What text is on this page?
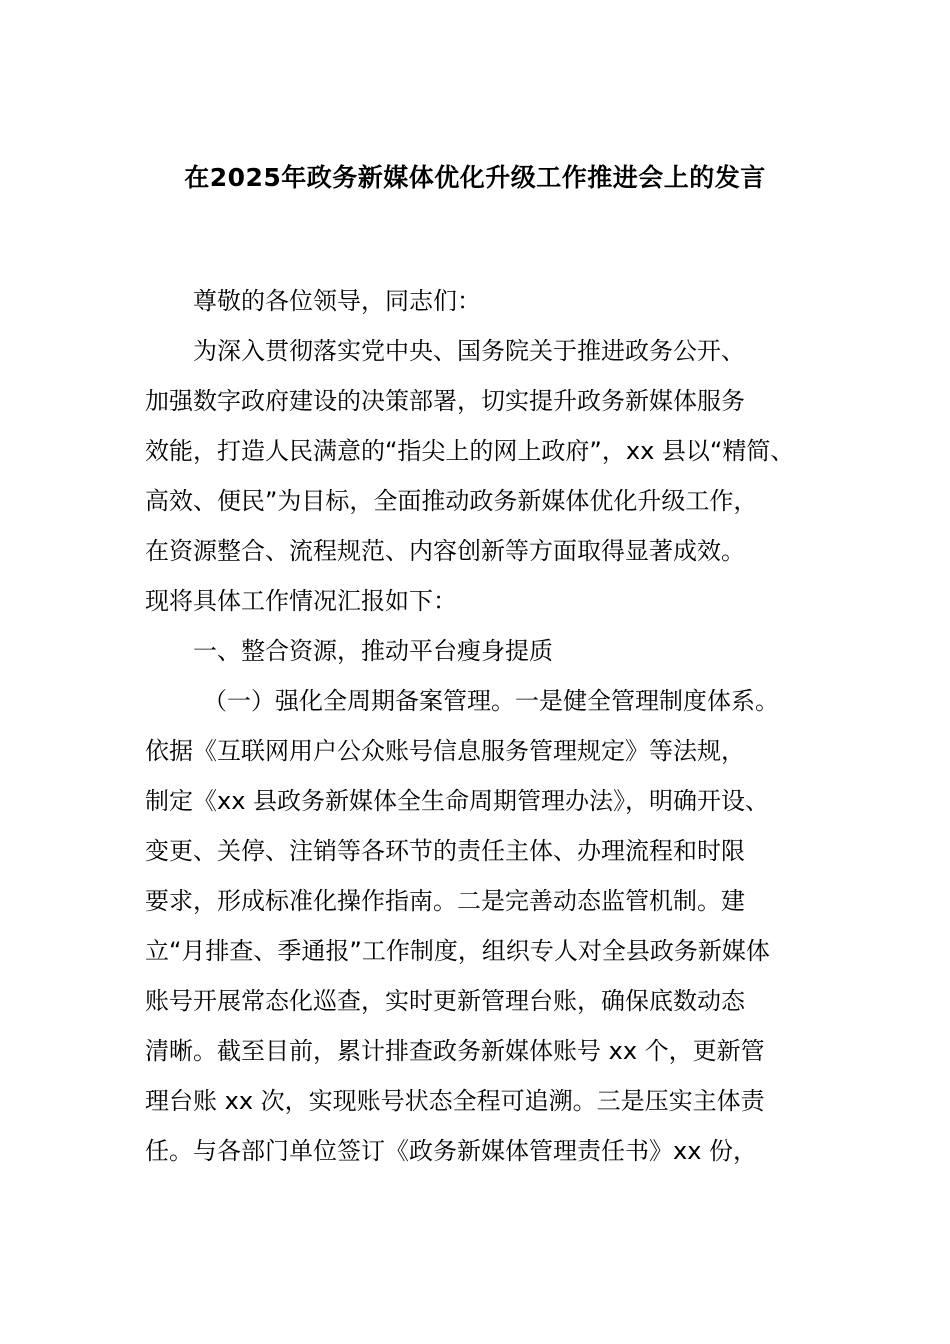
在2025年政务新媒体优化升级工作推进会上的发言
尊敬的各位领导，同志们：
为深入贯彻落实党中央、国务院关于推进政务公开、
加强数字政府建设的决策部署，切实提升政务新媒体服务
效能，打造人民满意的“指尖上的网上政府”，xx 县以“精简、
高效、便民”为目标，全面推动政务新媒体优化升级工作，
在资源整合、流程规范、内容创新等方面取得显著成效。
现将具体工作情况汇报如下：
一、整合资源，推动平台瘦身提质
（一）强化全周期备案管理。一是健全管理制度体系。
依据《互联网用户公众账号信息服务管理规定》等法规，
制定《xx 县政务新媒体全生命周期管理办法》，明确开设、
变更、关停、注销等各环节的责任主体、办理流程和时限
要求，形成标准化操作指南。二是完善动态监管机制。建
立“月排查、季通报”工作制度，组织专人对全县政务新媒体
账号开展常态化巡查，实时更新管理台账，确保底数动态
清晰。截至目前，累计排查政务新媒体账号 xx 个，更新管
理台账 xx 次，实现账号状态全程可追溯。三是压实主体责
任。与各部门单位签订《政务新媒体管理责任书》xx 份，
